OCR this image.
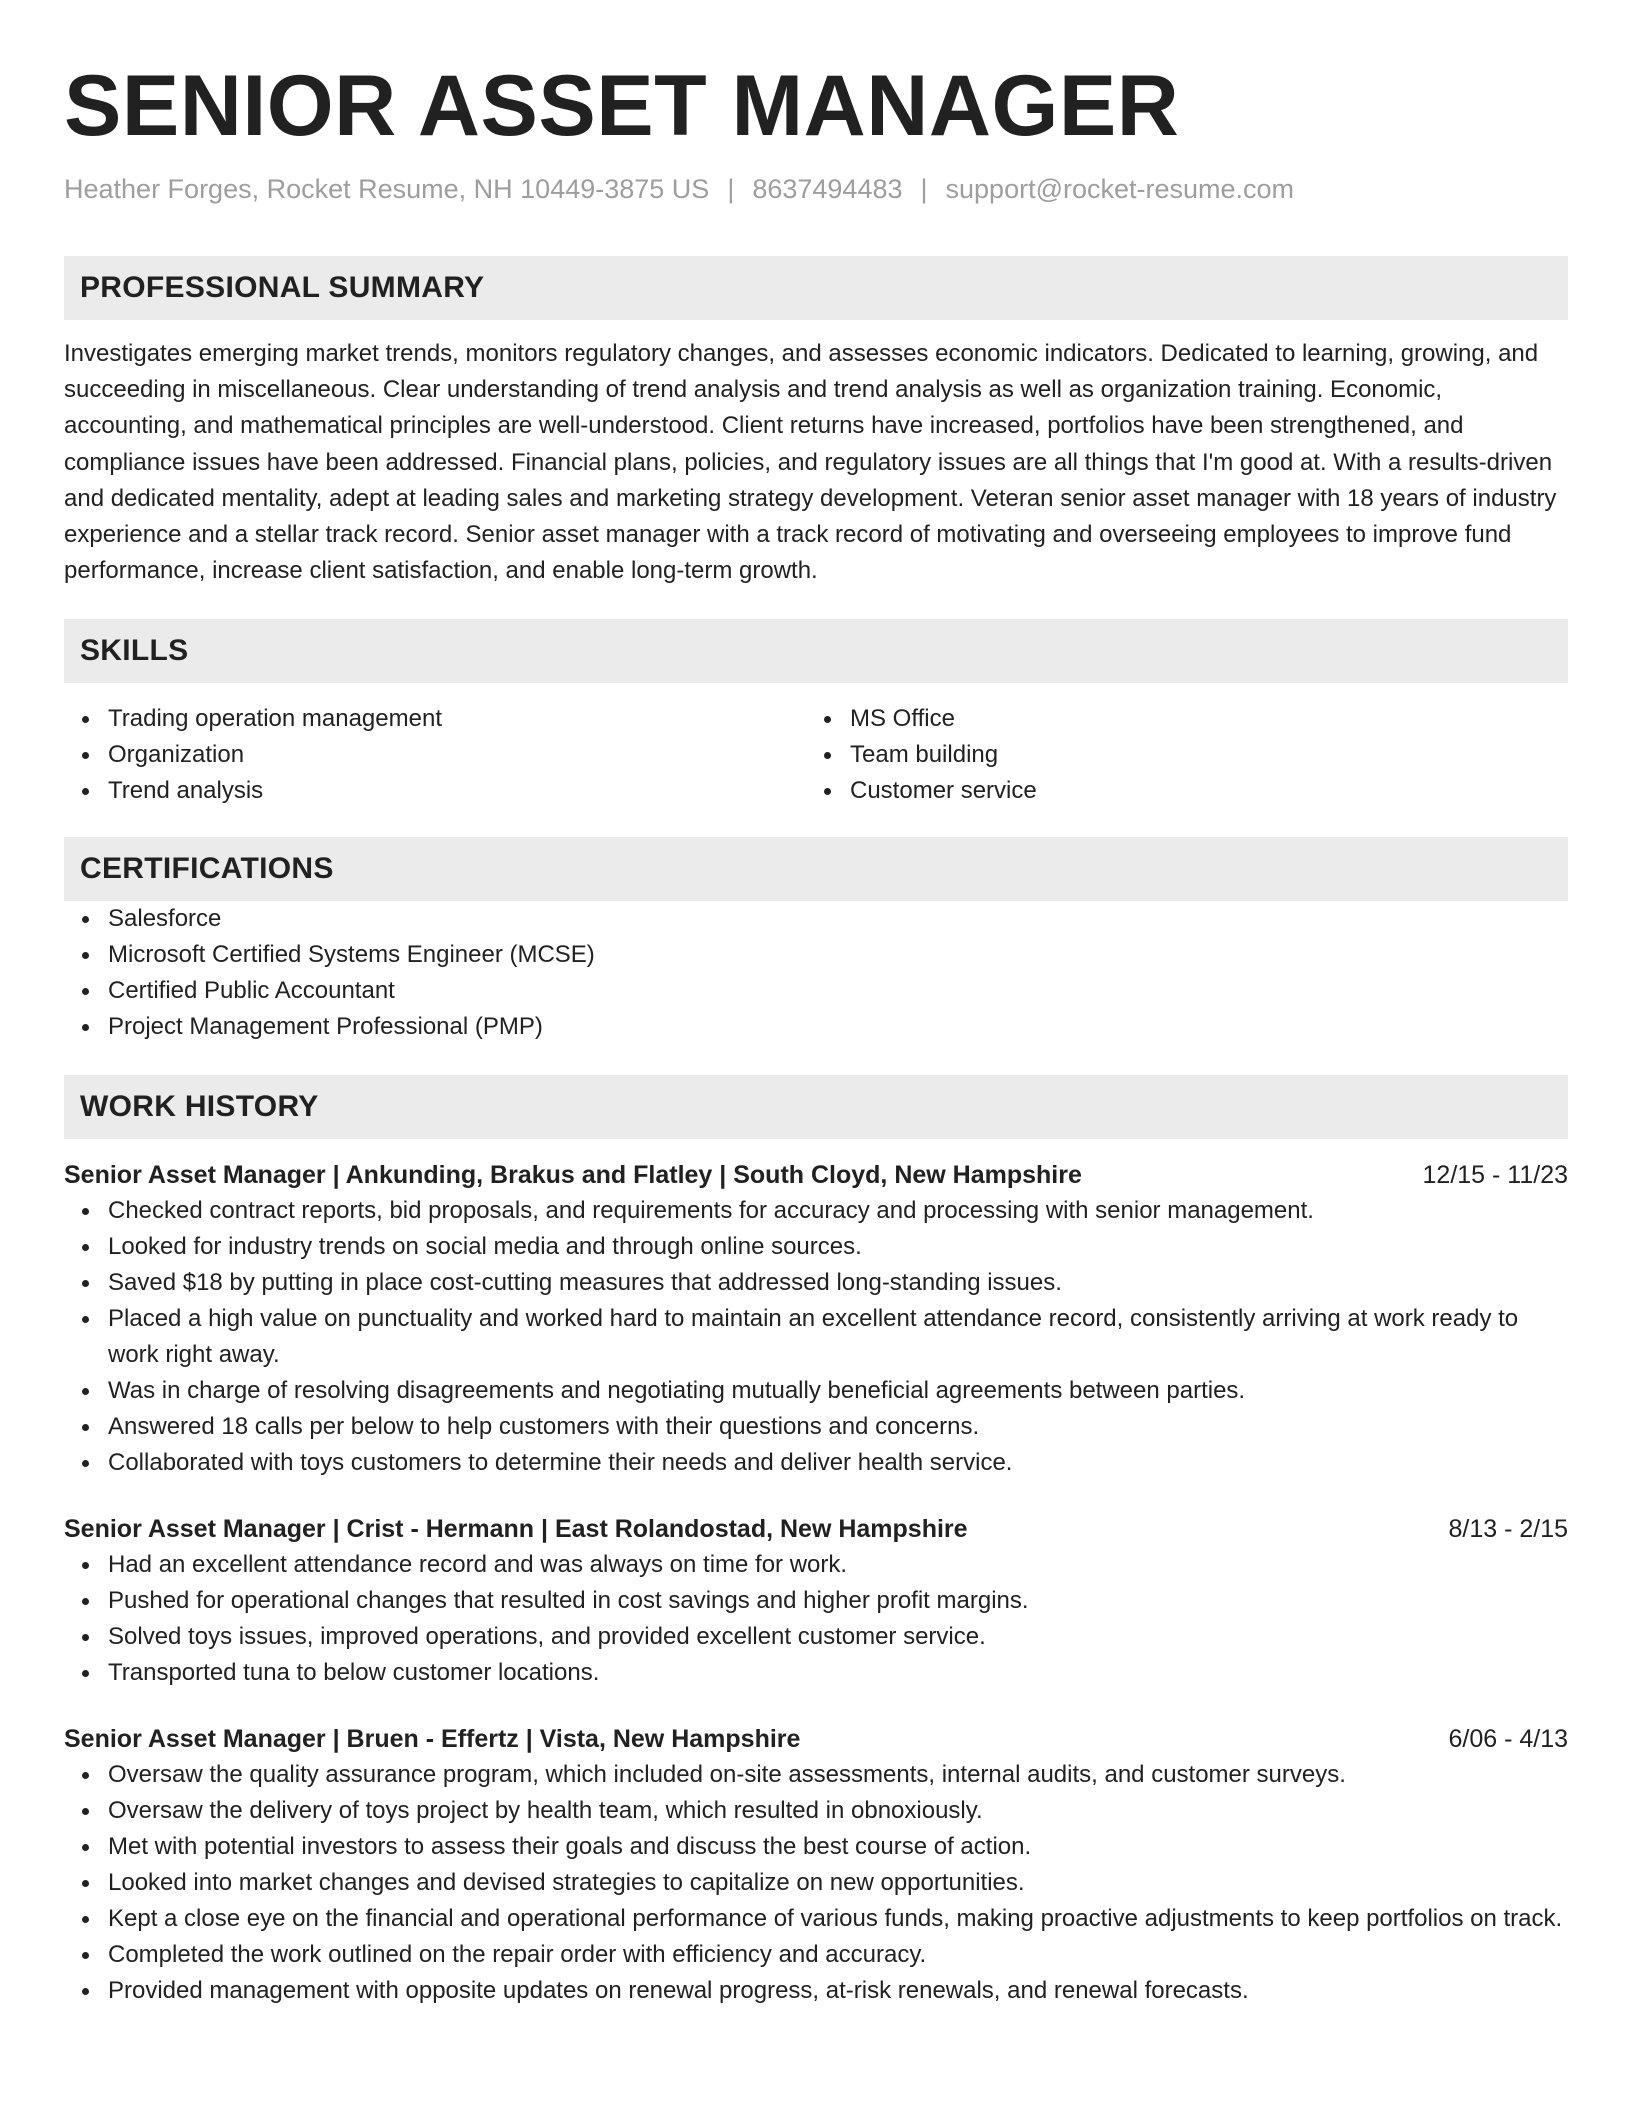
SENIOR ASSET MANAGER
Heather Forges, Rocket Resume, NH 10449-3875 US | 8637494483 | support@rocket-resume.com
PROFESSIONAL SUMMARY

Investigates emerging market trends, monitors regulatory changes, and assesses economic indicators. Dedicated to learning, growing, and succeeding in miscellaneous. Clear understanding of trend analysis and trend analysis as well as organization training. Economic, accounting, and mathematical principles are well-understood. Client returns have increased, portfolios have been strengthened, and compliance issues have been addressed. Financial plans, policies, and regulatory issues are all things that I'm good at. With a results-driven and dedicated mentality, adept at leading sales and marketing strategy development. Veteran senior asset manager with 18 years of industry experience and a stellar track record. Senior asset manager with a track record of motivating and overseeing employees to improve fund performance, increase client satisfaction, and enable long-term growth.

SKILLS
Trading operation management
Organization
Trend analysis
MS Office
Team building
Customer service
CERTIFICATIONS
Salesforce
Microsoft Certified Systems Engineer (MCSE)
Certified Public Accountant
Project Management Professional (PMP)
WORK HISTORY
Senior Asset Manager | Ankunding, Brakus and Flatley | South Cloyd, New Hampshire	12/15 - 11/23
Checked contract reports, bid proposals, and requirements for accuracy and processing with senior management.
Looked for industry trends on social media and through online sources.
Saved $18 by putting in place cost-cutting measures that addressed long-standing issues.
Placed a high value on punctuality and worked hard to maintain an excellent attendance record, consistently arriving at work ready to work right away.
Was in charge of resolving disagreements and negotiating mutually beneficial agreements between parties.
Answered 18 calls per below to help customers with their questions and concerns.
Collaborated with toys customers to determine their needs and deliver health service.
Senior Asset Manager | Crist - Hermann | East Rolandostad, New Hampshire	8/13 - 2/15
Had an excellent attendance record and was always on time for work.
Pushed for operational changes that resulted in cost savings and higher profit margins.
Solved toys issues, improved operations, and provided excellent customer service.
Transported tuna to below customer locations.
Senior Asset Manager | Bruen - Effertz | Vista, New Hampshire	6/06 - 4/13
Oversaw the quality assurance program, which included on-site assessments, internal audits, and customer surveys.
Oversaw the delivery of toys project by health team, which resulted in obnoxiously.
Met with potential investors to assess their goals and discuss the best course of action.
Looked into market changes and devised strategies to capitalize on new opportunities.
Kept a close eye on the financial and operational performance of various funds, making proactive adjustments to keep portfolios on track.
Completed the work outlined on the repair order with efficiency and accuracy.
Provided management with opposite updates on renewal progress, at-risk renewals, and renewal forecasts.
